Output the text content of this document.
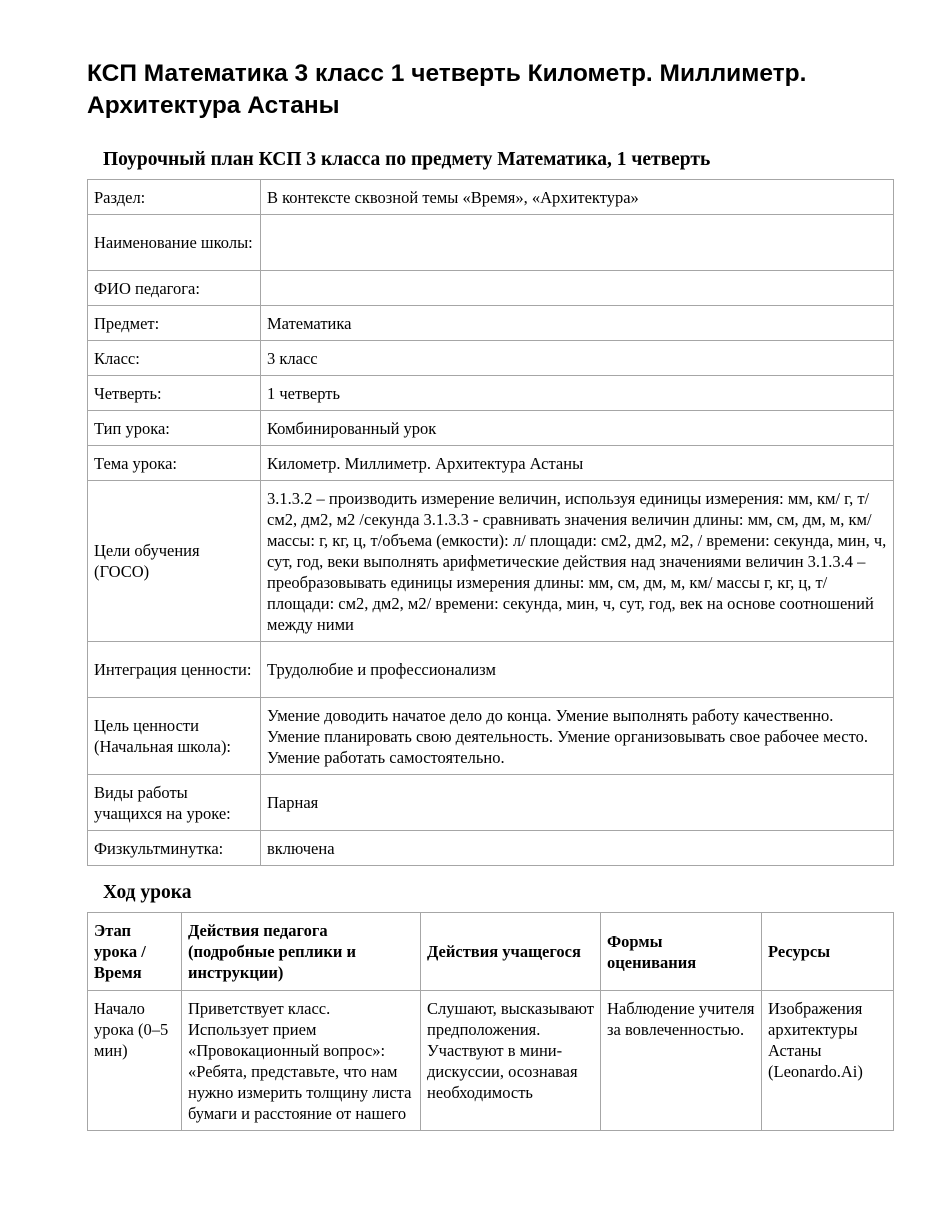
КСП Математика 3 класс 1 четверть Километр. Миллиметр. Архитектура Астаны
Поурочный план КСП 3 класса по предмету Математика, 1 четверть
Раздел:	В контексте сквозной темы «Время», «Архитектура»
Наименование школы:	
ФИО педагога:	
Предмет:	Математика
Класс:	3 класс
Четверть:	1 четверть
Тип урока:	Комбинированный урок
Тема урока:	Километр. Миллиметр. Архитектура Астаны
Цели обучения (ГОСО)	3.1.3.2 – производить измерение величин, используя единицы измерения: мм, км/ г, т/см2, дм2, м2 /секунда 3.1.3.3 - сравнивать значения величин длины: мм, см, дм, м, км/массы: г, кг, ц, т/объема (емкости): л/ площади: см2, дм2, м2, / времени: секунда, мин, ч, сут, год, веки выполнять арифметические действия над значениями величин 3.1.3.4 – преобразовывать единицы измерения длины: мм, см, дм, м, км/ массы г, кг, ц, т/ площади: см2, дм2, м2/ времени: секунда, мин, ч, сут, год, век на основе соотношений между ними
Интеграция ценности:	Трудолюбие и профессионализм
Цель ценности (Начальная школа):	Умение доводить начатое дело до конца. Умение выполнять работу качественно. Умение планировать свою деятельность. Умение организовывать свое рабочее место. Умение работать самостоятельно.
Виды работы учащихся на уроке:	Парная
Физкультминутка:	включена
Ход урока
Этап урока / Время	Действия педагога (подробные реплики и инструкции)	Действия учащегося	Формы оценивания	Ресурсы
Начало урока (0–5 мин)	Приветствует класс. Использует прием «Провокационный вопрос»: «Ребята, представьте, что нам нужно измерить толщину листа бумаги и расстояние от нашего	Слушают, высказывают предположения. Участвуют в мини-дискуссии, осознавая необходимость	Наблюдение учителя за вовлеченностью.	Изображения архитектуры Астаны (Leonardo.Ai)
